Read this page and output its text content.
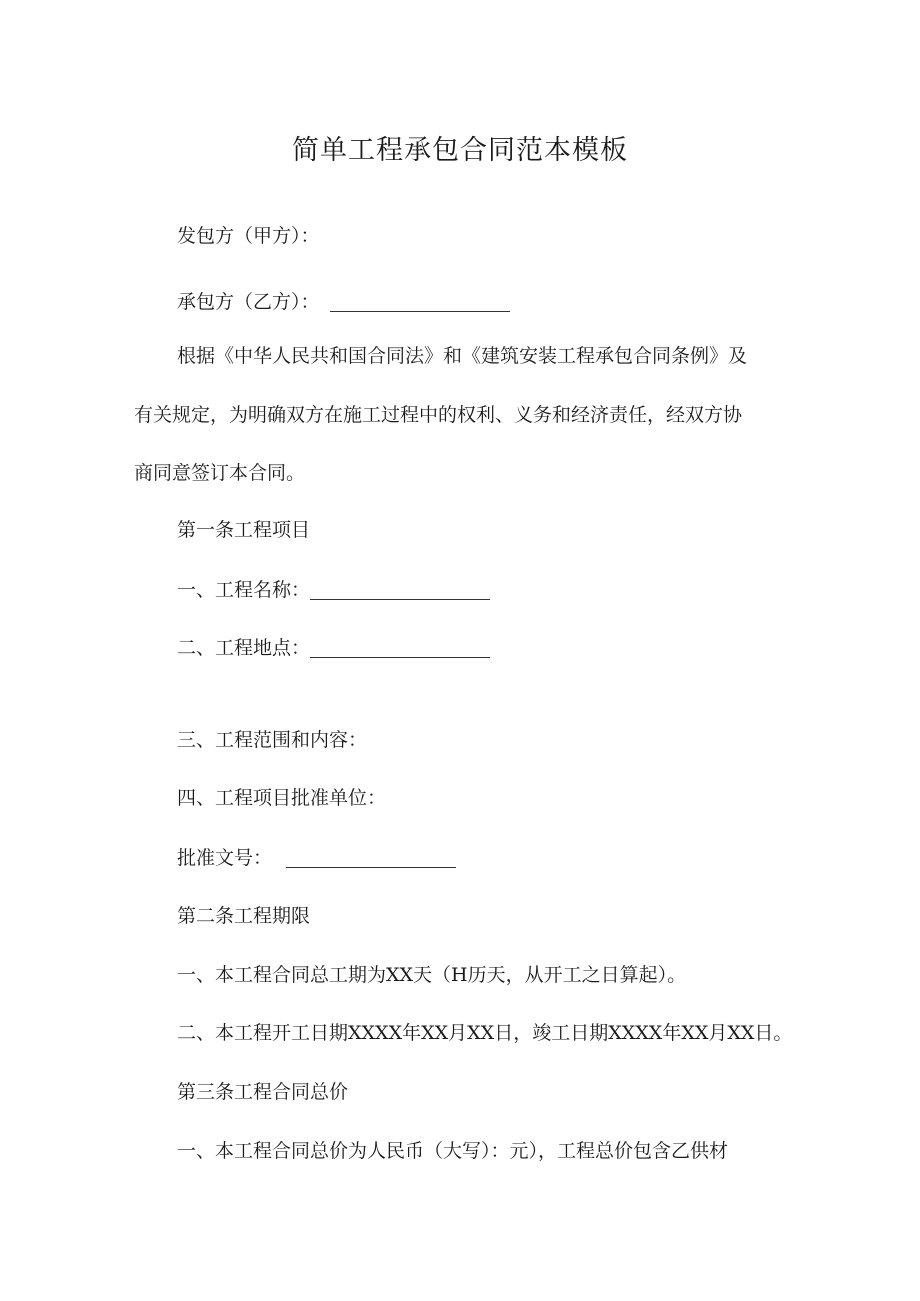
简单工程承包合同范本模板
发包方（甲方）：
承包方（乙方）：
根据《中华人民共和国合同法》和《建筑安装工程承包合同条例》及
有关规定，为明确双方在施工过程中的权利、义务和经济责任，经双方协
商同意签订本合同。
第一条工程项目
一、工程名称：
二、工程地点：
三、工程范围和内容：
四、工程项目批准单位：
批准文号：
第二条工程期限
一、本工程合同总工期为XX天（H历天，从开工之日算起）。
二、本工程开工日期XXXX年XX月XX日，竣工日期XXXX年XX月XX日。
第三条工程合同总价
一、本工程合同总价为人民币（大写）：元），工程总价包含乙供材
